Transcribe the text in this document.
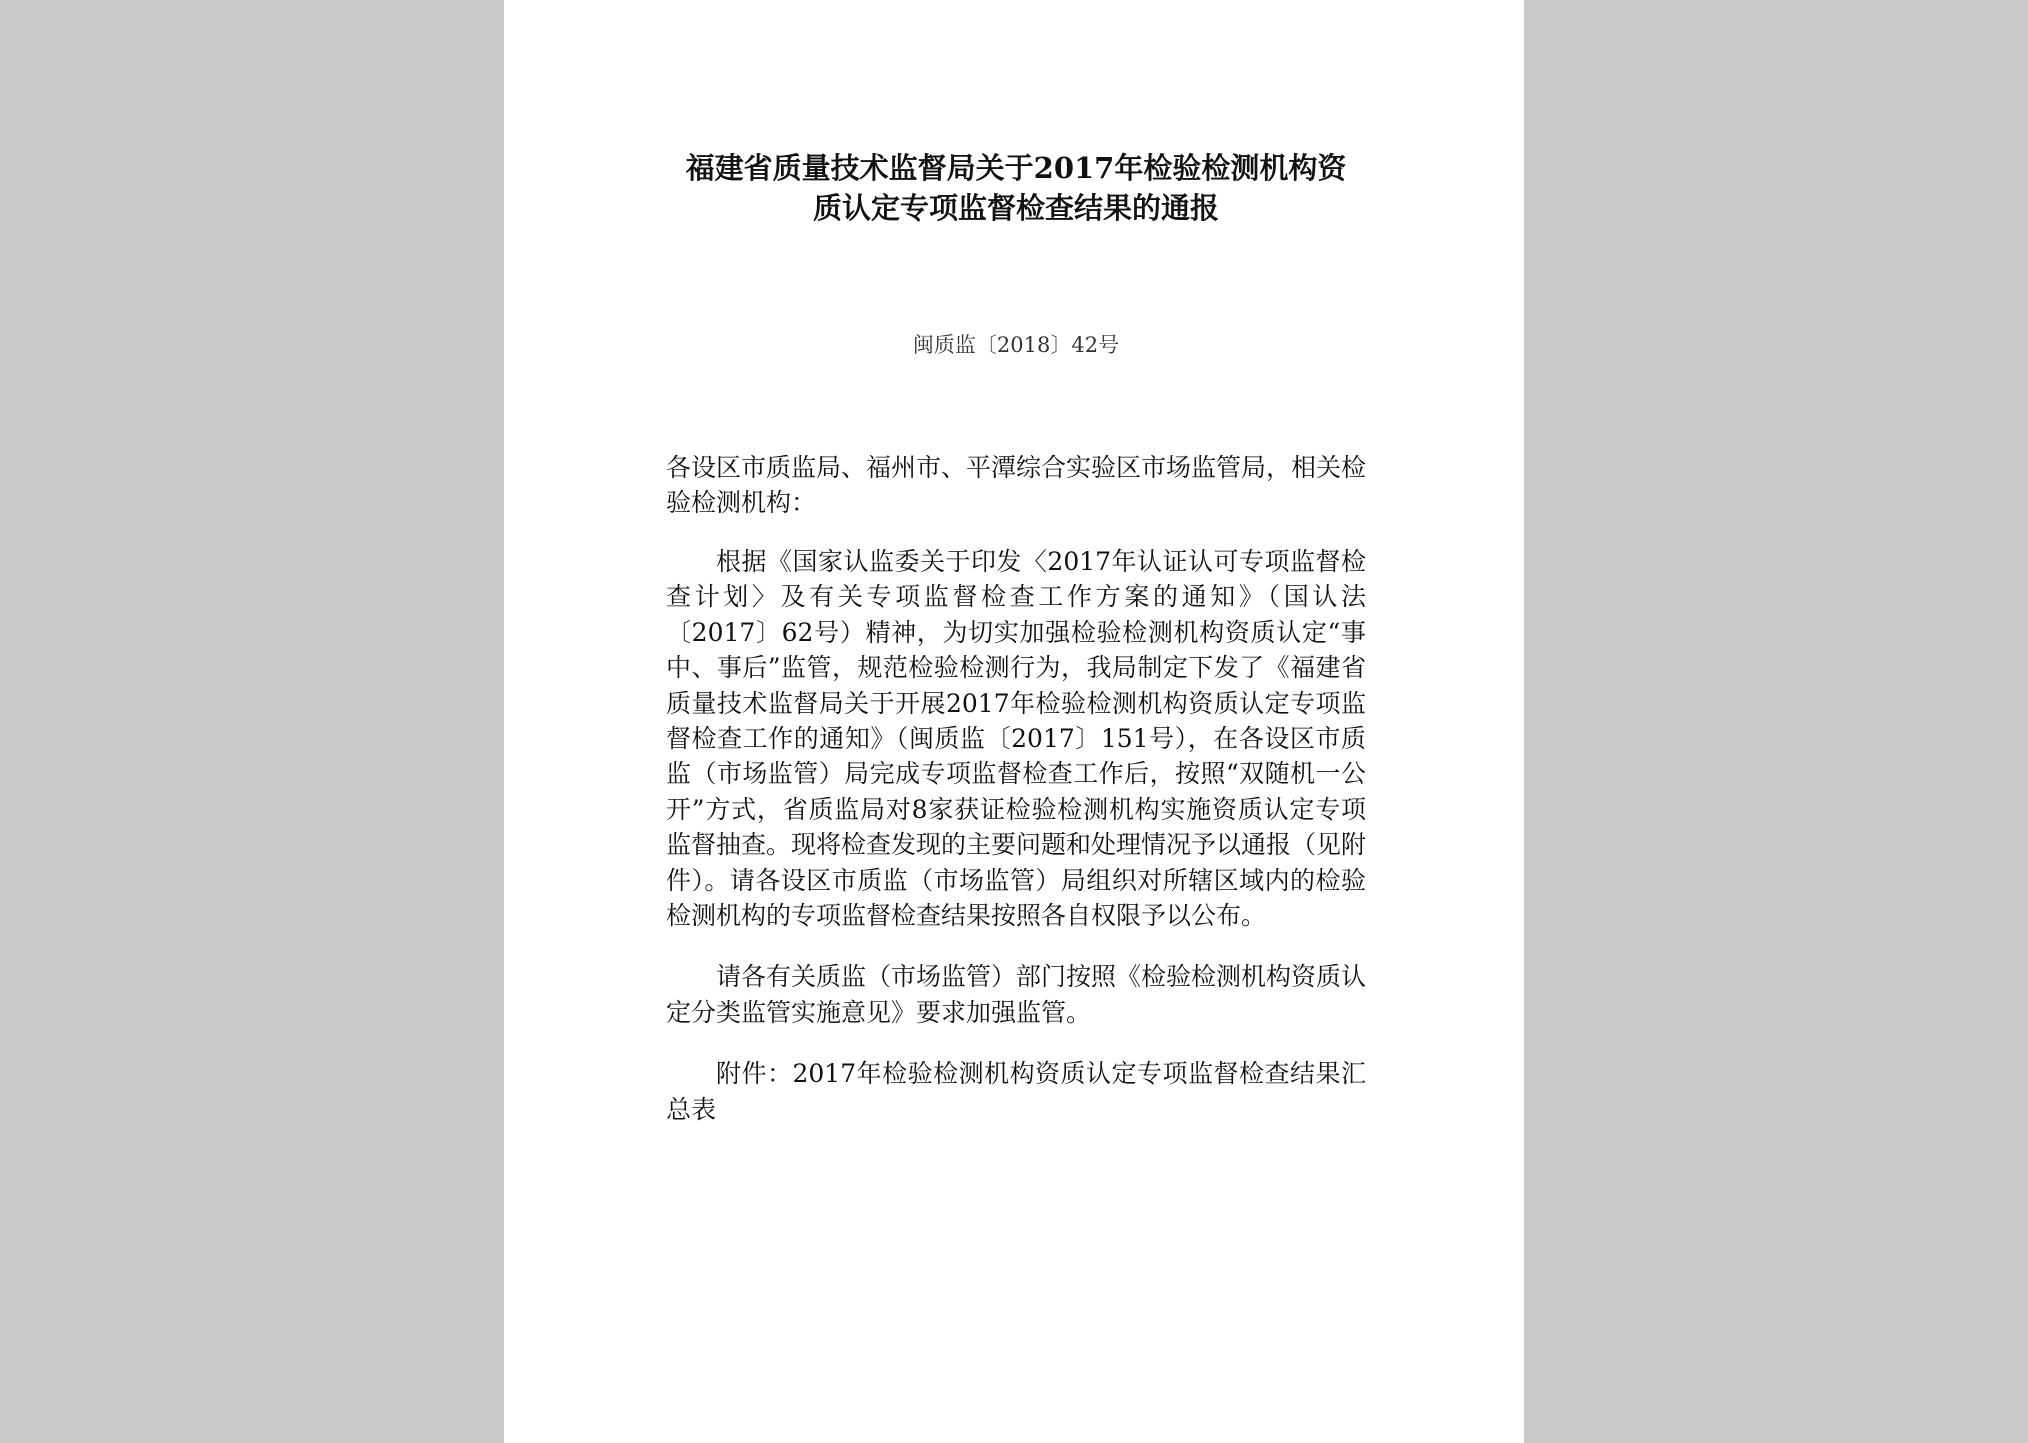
福建省质量技术监督局关于2017年检验检测机构资
质认定专项监督检查结果的通报
闽质监〔2018〕42号
各设区市质监局、福州市、平潭综合实验区市场监管局，相关检验检测机构：

根据《国家认监委关于印发〈2017年认证认可专项监督检查计划〉及有关专项监督检查工作方案的通知》（国认法〔2017〕62号）精神，为切实加强检验检测机构资质认定“事中、事后”监管，规范检验检测行为，我局制定下发了《福建省质量技术监督局关于开展2017年检验检测机构资质认定专项监督检查工作的通知》（闽质监〔2017〕151号），在各设区市质监（市场监管）局完成专项监督检查工作后，按照“双随机一公开”方式，省质监局对8家获证检验检测机构实施资质认定专项监督抽查。现将检查发现的主要问题和处理情况予以通报（见附件）。请各设区市质监（市场监管）局组织对所辖区域内的检验检测机构的专项监督检查结果按照各自权限予以公布。

请各有关质监（市场监管）部门按照《检验检测机构资质认定分类监管实施意见》要求加强监管。

附件：2017年检验检测机构资质认定专项监督检查结果汇总表
